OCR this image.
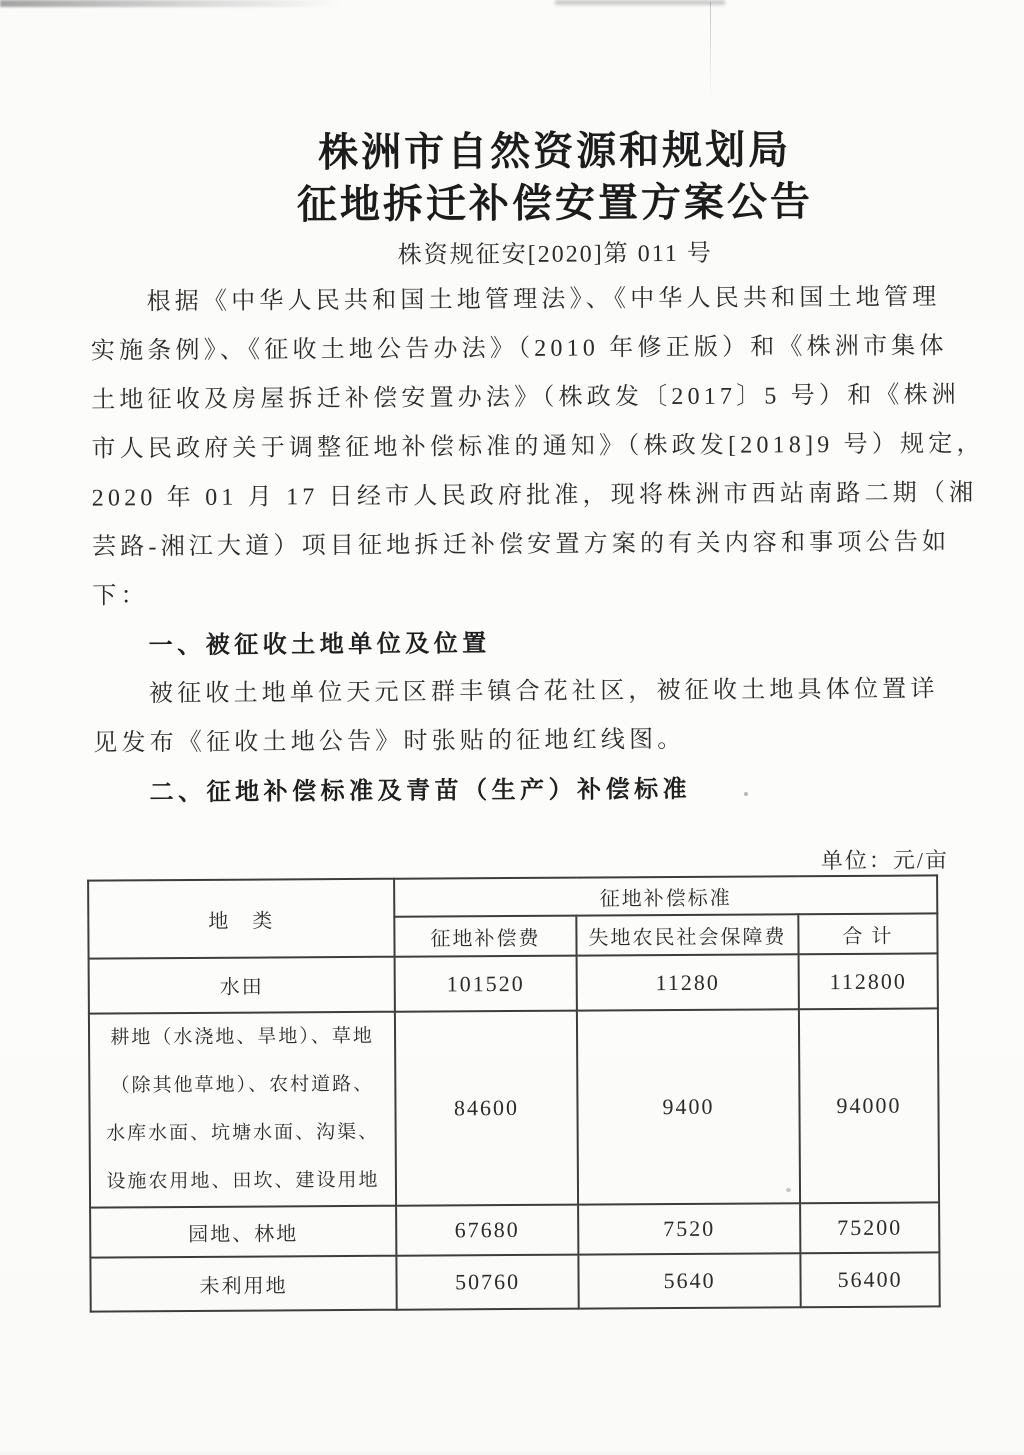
株洲市自然资源和规划局
征地拆迁补偿安置方案公告
株资规征安[2020]第 011 号
根据《中华人民共和国土地管理法》、《中华人民共和国土地管理
实施条例》、《征收土地公告办法》（2010 年修正版）和《株洲市集体
土地征收及房屋拆迁补偿安置办法》（株政发〔2017〕5 号）和《株洲
市人民政府关于调整征地补偿标准的通知》（株政发[2018]9 号）规定，
2020 年 01 月 17 日经市人民政府批准，现将株洲市西站南路二期（湘
芸路-湘江大道）项目征地拆迁补偿安置方案的有关内容和事项公告如
下：
一、被征收土地单位及位置
被征收土地单位天元区群丰镇合花社区，被征收土地具体位置详
见发布《征收土地公告》时张贴的征地红线图。
二、征地补偿标准及青苗（生产）补偿标准
单位：元/亩
地　类	征地补偿标准		
	征地补偿费	失地农民社会保障费	合 计
水田	101520	11280	112800
耕地（水浇地、旱地）、草地（除其他草地）、农村道路、水库水面、坑塘水面、沟渠、设施农用地、田坎、建设用地	84600	9400	94000
园地、林地	67680	7520	75200
未利用地	50760	5640	56400
